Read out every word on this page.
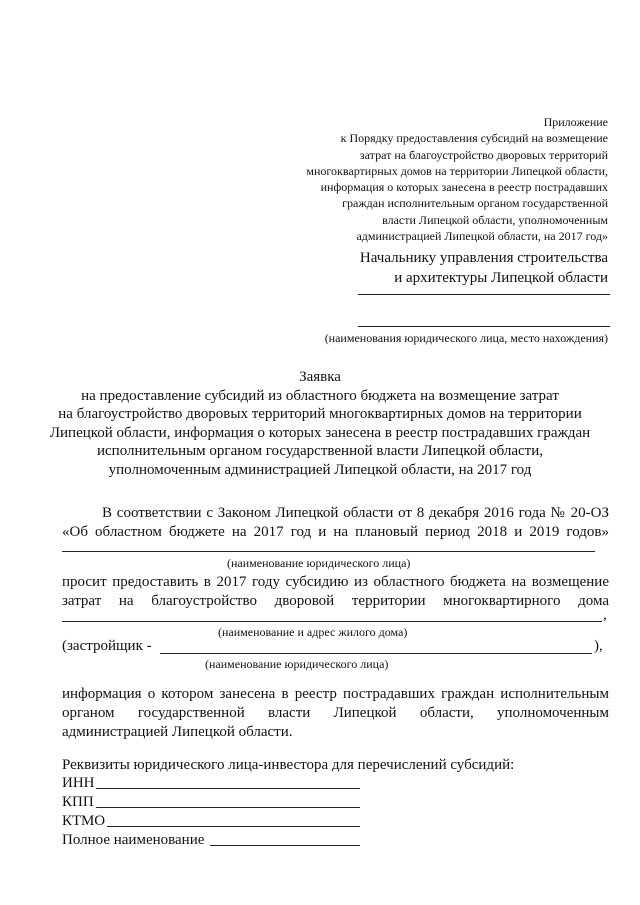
Приложение
к Порядку предоставления субсидий на возмещение
затрат на благоустройство дворовых территорий
многоквартирных домов на территории Липецкой области,
информация о которых занесена в реестр пострадавших
граждан исполнительным органом государственной
власти Липецкой области, уполномоченным
администрацией Липецкой области, на 2017 год»
Начальнику управления строительства
и архитектуры Липецкой области
(наименования юридического лица, место нахождения)
Заявка
на предоставление субсидий из областного бюджета на возмещение затрат
на благоустройство дворовых территорий многоквартирных домов на территории
Липецкой области, информация о которых занесена в реестр пострадавших граждан
исполнительным органом государственной власти Липецкой области,
уполномоченным администрацией Липецкой области, на 2017 год
В соответствии с Законом Липецкой области от 8 декабря 2016 года № 20-ОЗ
«Об областном бюджете на 2017 год и на плановый период 2018 и 2019 годов»
(наименование юридического лица)
просит предоставить в 2017 году субсидию из областного бюджета на возмещение
затрат на благоустройство дворовой территории многоквартирного дома
,
(наименование и адрес жилого дома)
(застройщик -	),
(наименование юридического лица)
информация о котором занесена в реестр пострадавших граждан исполнительным
органом государственной власти Липецкой области, уполномоченным
администрацией Липецкой области.
Реквизиты юридического лица-инвестора для перечислений субсидий:
ИНН
КПП
КТМО
Полное наименование
